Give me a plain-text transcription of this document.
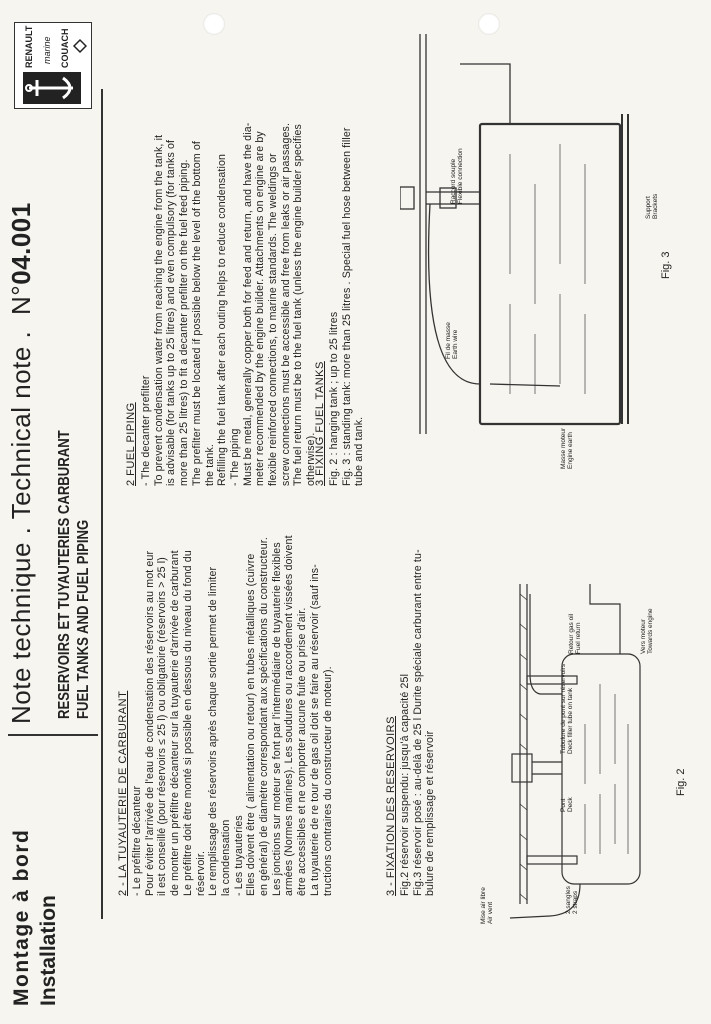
Montage à bord Installation
Note technique . Technical note . N°04.001
RESERVOIRS ET TUYAUTERIES CARBURANT FUEL TANKS AND FUEL PIPING
RENAULT marine COUACH
2 - LA TUYAUTERIE DE CARBURANT - Le préfiltre décanteur Pour éviter l'arrivée de l'eau de condensation des réservoirs au mot eur il est conseillé (pour réservoirs ≤ 25 l) ou obligatoire (réservoirs > 25 l) de monter un préfiltre décanteur sur la tuyauterie d'arrivée de carburant Le préfiltre doit être monté si possible en dessous du niveau du fond du réservoir. Le remplissage des réservoirs après chaque sortie permet de limiter la condensation - Les tuyauteries Elles doivent être ( alimentation ou retour) en tubes métalliques (cuivre en général) de diamètre correspondant aux spécifications du constructeur. Les jonctions sur moteur se font par l'intermédiaire de tuyauterie flexibles armées (Normes marines). Les soudures ou raccordement vissées doivent être accessibles et ne comporter aucune fuite ou prise d'air. La tuyauterie de re tour de gas oil doit se faire au réservoir (sauf ins- tructions contraires du constructeur de moteur).	3 - FIXATION DES RESERVOIRS Fig.2 réservoir suspendu: jusqu'à capacité 25l Fig.3 réservoir posé : au-delà de 25 l Durite spéciale carburant entre tu- bulure de remplissage et réservoir
2 FUEL PIPING - The decanter prefilter To prevent condensation water from reaching the engine from the tank, it is advisable (for tanks up to 25 litres) and even compulsory (for tanks of more than 25 litres) to fit a decanter prefilter on the fuel feed piping. The prefilter must be located if possible below the level of the bottom of the tank. Refilling the fuel tank after each outing helps to reduce condensation - The piping Must be metal, generally copper both for feed and return, and have the dia- meter recommended by the engine builder. Attachments on engine are by flexible reinforced connections, to marine standards. The weldings or screw connections must be accessible and free from leaks or air passages. The fuel return must be to the fuel tank (unless the engine builder specifies otherwise).
3 FIXING FUEL TANKS Fig. 2 : hanging tank ; up to 25 litres Fig. 3 : standing tank: more than 25 litres . Special fuel hose between filler tube and tank.
Mise air libre Air vent	2 sangles 2 straps
Pont Deck
Tubulure de pont sur réservoirs Deck filler tube on tank
Retour gas oil Fuel return	Vers moteur Towards engine
Fig. 2
Raccord souple Flexible connection
Fil de masse Earth wire
Masse moteur Engine earth
Support Brackets
Fig. 3
